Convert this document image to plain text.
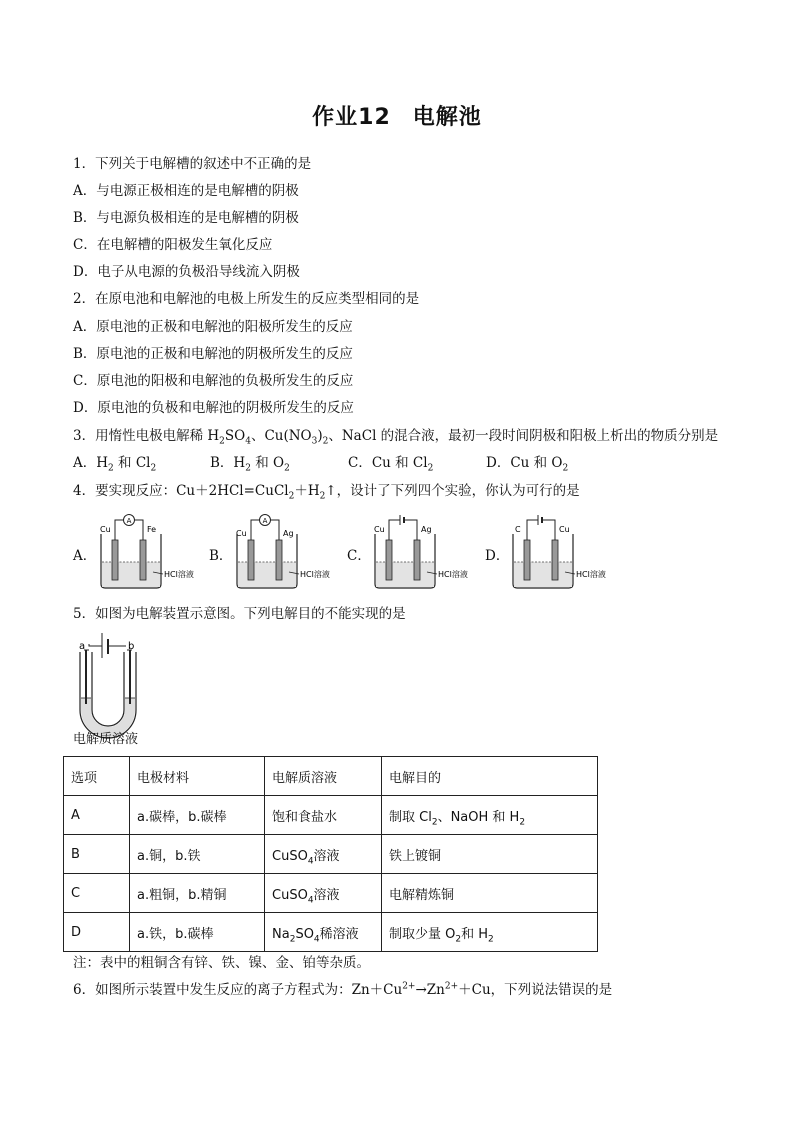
作业12 电解池
1．下列关于电解槽的叙述中不正确的是
A．与电源正极相连的是电解槽的阴极
B．与电源负极相连的是电解槽的阴极
C．在电解槽的阳极发生氧化反应
D．电子从电源的负极沿导线流入阴极
2．在原电池和电解池的电极上所发生的反应类型相同的是
A．原电池的正极和电解池的阳极所发生的反应
B．原电池的正极和电解池的阴极所发生的反应
C．原电池的阳极和电解池的负极所发生的反应
D．原电池的负极和电解池的阴极所发生的反应
3．用惰性电极电解稀 $H_2SO_4$、$Cu(NO_3)_2$、NaCl 的混合液，最初一段时间阴极和阳极上析出的物质分别是
A．$H_2$ 和 $Cl_2$	B．$H_2$ 和 $O_2$	C．Cu 和 $Cl_2$	D．Cu 和 $O_2$
4．要实现反应：$Cu+2HCl=CuCl_2+H_2↑$，设计了下列四个实验，你认为可行的是
A．
Cu	Fe
A
HCl溶液
B．
Cu	Ag
A
HCl溶液
C．
Cu	Ag
HCl溶液
D．
C	Cu
HCl溶液
5．如图为电解装置示意图。下列电解目的不能实现的是
a	b
电解质溶液
选项	电极材料	电解质溶液	电解目的
A	a.碳棒，b.碳棒	饱和食盐水	制取 $Cl_2$、NaOH 和 $H_2$
B	a.铜，b.铁	CuSO$_4$溶液	铁上镀铜
C	a.粗铜，b.精铜	CuSO$_4$溶液	电解精炼铜
D	a.铁，b.碳棒	$Na_2SO_4$稀溶液	制取少量 $O_2$和 $H_2$
注：表中的粗铜含有锌、铁、镍、金、铂等杂质。
6．如图所示装置中发生反应的离子方程式为：$Zn+Cu^{2+}\to Zn^{2+}+Cu$，下列说法错误的是
